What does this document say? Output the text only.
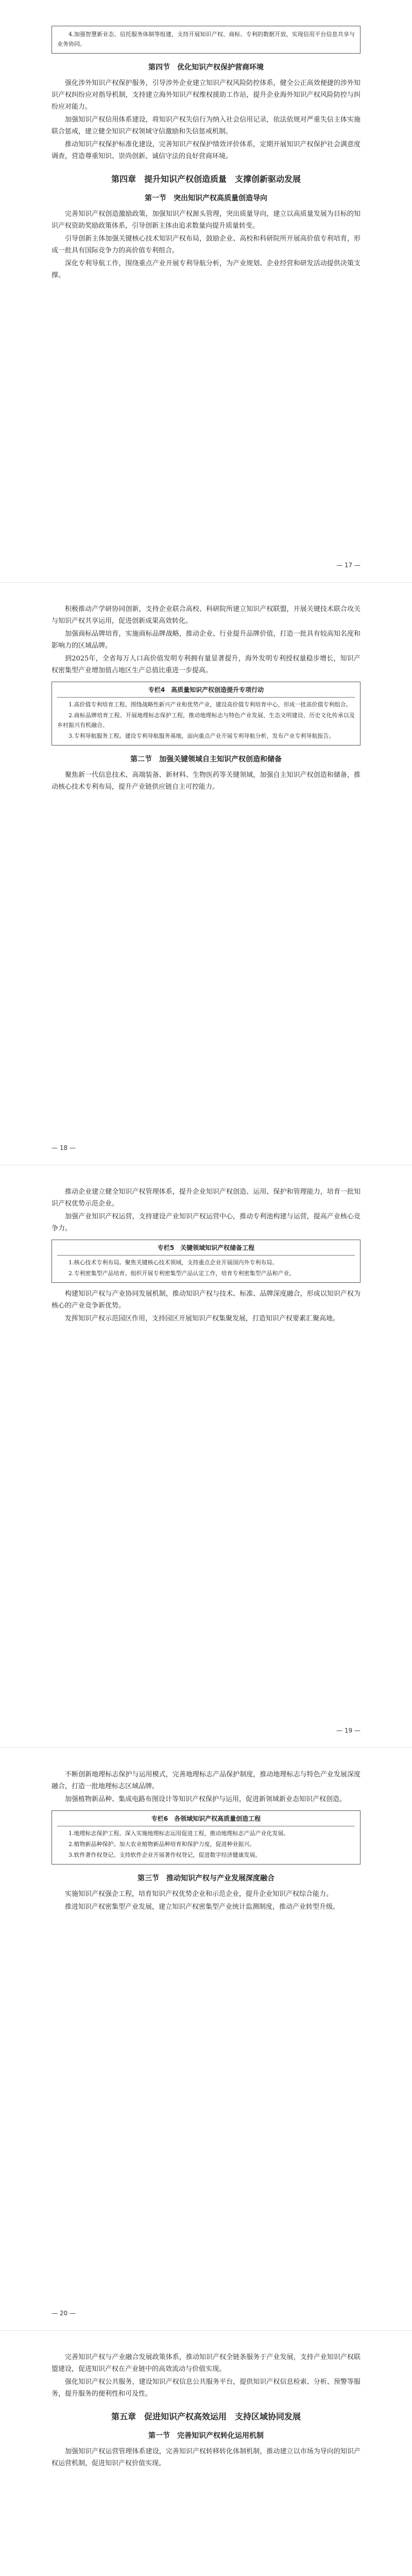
4.加强智慧新业态、信托服务体制等组建，支持开展知识产权、商标、专利的数据开放，实现信用平台信息共享与业务协同。
第四节　优化知识产权保护营商环境

强化涉外知识产权保护服务，引导涉外企业建立知识产权风险防控体系，健全公正高效便捷的涉外知识产权纠纷应对指导机制，支持建立海外知识产权维权援助工作站，提升企业海外知识产权风险防控与纠纷应对能力。

加强知识产权信用体系建设，将知识产权失信行为纳入社会信用记录，依法依规对严重失信主体实施联合惩戒，建立健全知识产权领域守信激励和失信惩戒机制。

推动知识产权保护标准化建设，完善知识产权保护绩效评价体系，定期开展知识产权保护社会满意度调查，营造尊重知识、崇尚创新、诚信守法的良好营商环境。

第四章　提升知识产权创造质量　支撑创新驱动发展
第一节　突出知识产权高质量创造导向

完善知识产权创造激励政策，加强知识产权源头管理，突出质量导向，建立以高质量发展为目标的知识产权资助奖励政策体系，引导创新主体由追求数量向提升质量转变。

引导创新主体加强关键核心技术知识产权布局，鼓励企业、高校和科研院所开展高价值专利培育，形成一批具有国际竞争力的高价值专利组合。

深化专利导航工作，围绕重点产业开展专利导航分析，为产业规划、企业经营和研发活动提供决策支撑。

— 17 —

积极推动产学研协同创新，支持企业联合高校、科研院所建立知识产权联盟，开展关键技术联合攻关与知识产权共享运用，促进创新成果高效转化。

加强商标品牌培育，实施商标品牌战略，推动企业、行业提升品牌价值，打造一批具有较高知名度和影响力的区域品牌。

到2025年，全省每万人口高价值发明专利拥有量显著提升，海外发明专利授权量稳步增长，知识产权密集型产业增加值占地区生产总值比重进一步提高。

专栏4　高质量知识产权创造提升专项行动

1.高价值专利培育工程。围绕战略性新兴产业和优势产业，建设高价值专利培育中心，形成一批高价值专利组合。

2.商标品牌培育工程。开展地理标志保护工程，推动地理标志与特色产业发展、生态文明建设、历史文化传承以及乡村振兴有机融合。

3.专利导航服务工程。建设专利导航服务基地，面向重点产业开展专利导航分析，发布产业专利导航报告。

第二节　加强关键领域自主知识产权创造和储备

聚焦新一代信息技术、高端装备、新材料、生物医药等关键领域，加强自主知识产权创造和储备，推动核心技术专利布局，提升产业链供应链自主可控能力。

— 18 —

推动企业建立健全知识产权管理体系，提升企业知识产权创造、运用、保护和管理能力，培育一批知识产权优势示范企业。

加强产业知识产权运营，支持建设产业知识产权运营中心，推动专利池构建与运营，提高产业核心竞争力。

专栏5　关键领域知识产权储备工程

1.核心技术专利布局。聚焦关键核心技术领域，支持重点企业开展国内外专利布局。

2.专利密集型产品培育。组织开展专利密集型产品认定工作，培育专利密集型产品和产业。

构建知识产权与产业协同发展机制，推动知识产权与技术、标准、品牌深度融合，形成以知识产权为核心的产业竞争新优势。

发挥知识产权示范园区作用，支持园区开展知识产权集聚发展，打造知识产权要素汇聚高地。

— 19 —

不断创新地理标志保护与运用模式，完善地理标志产品保护制度，推动地理标志与特色产业发展深度融合，打造一批地理标志区域品牌。

加强植物新品种、集成电路布图设计等知识产权保护与运用，促进新领域新业态知识产权创造。

专栏6　各领域知识产权高质量创造工程

1.地理标志保护工程。深入实施地理标志运用促进工程，推动地理标志产品产业化发展。

2.植物新品种保护。加大农业植物新品种培育和保护力度，促进种业振兴。

3.软件著作权登记。支持软件企业开展著作权登记，促进数字经济健康发展。

第三节　推动知识产权与产业发展深度融合

实施知识产权强企工程，培育知识产权优势企业和示范企业，提升企业知识产权综合能力。

推进知识产权密集型产业发展，建立知识产权密集型产业统计监测制度，推动产业转型升级。

— 20 —

完善知识产权与产业融合发展政策体系，推动知识产权全链条服务于产业发展，支持产业知识产权联盟建设，促进知识产权在产业链中的高效流动与价值实现。

强化知识产权公共服务，建设知识产权信息公共服务平台，提供知识产权信息检索、分析、预警等服务，提升服务的便利性和可及性。

第五章　促进知识产权高效运用　支持区域协同发展
第一节　完善知识产权转化运用机制

加强知识产权运营管理体系建设，完善知识产权转移转化体制机制，推动建立以市场为导向的知识产权运营机制，促进知识产权价值实现。
